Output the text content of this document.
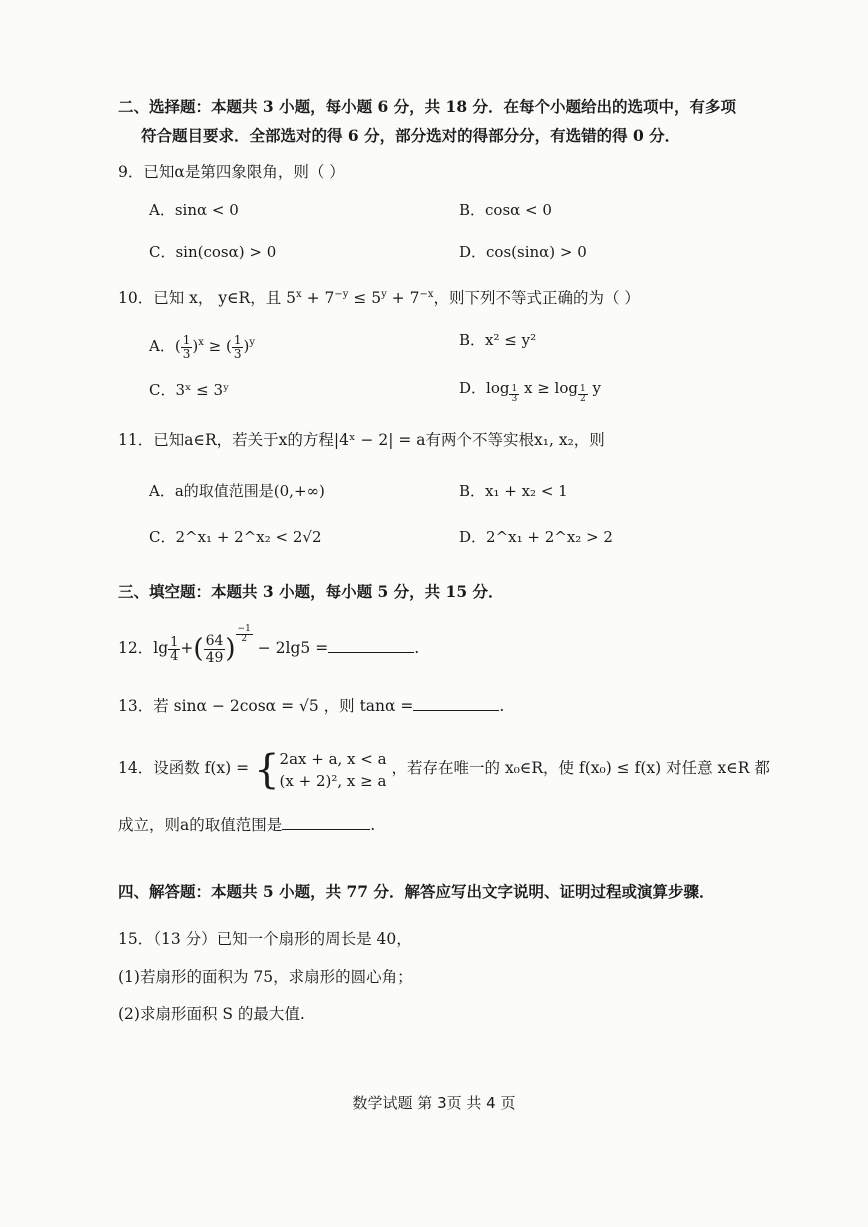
二、选择题：本题共 3 小题，每小题 6 分，共 18 分．在每个小题给出的选项中，有多项
符合题目要求．全部选对的得 6 分，部分选对的得部分分，有选错的得 0 分．
9．已知α是第四象限角，则（ ）
A．sinα < 0	B．cosα < 0
C．sin(cosα) > 0	D．cos(sinα) > 0
10．已知 x， y∈R，且 $5^x + 7^{-y} \le 5^y + 7^{-x}$，则下列不等式正确的为（ ）
A．( $\frac{1}{3} )^x$ ≥ ( $\frac{1}{3} )^y$	B．x² ≤ y²
C．3ˣ ≤ 3ʸ	D．log $_{\frac{1}{3}}$ x ≥ log $_{\frac{1}{2}}$ y
11．已知a∈R，若关于x的方程|4ˣ − 2| = a有两个不等实根x₁, x₂，则
A．a的取值范围是(0,+∞)	B．x₁ + x₂ < 1
C．2^x₁ + 2^x₂ < 2√2	D．2^x₁ + 2^x₂ > 2
三、填空题：本题共 3 小题，每小题 5 分，共 15 分．
12．$\lg \frac{1}{4}$ +( $\frac{64}{49}$ ) $^{\frac{-1}{2}}$
− 2lg5 =	.
13．若 sinα − 2cosα = √5 ，则 tanα =	.
14．设函数 f(x) = { 2ax + a, x < a
(x + 2)², x ≥ a
，若存在唯一的 x₀∈R，使 f(x₀) ≤ f(x) 对任意 x∈R 都
成立，则a的取值范围是	.
四、解答题：本题共 5 小题，共 77 分．解答应写出文字说明、证明过程或演算步骤．
15．（13 分）已知一个扇形的周长是 40，
(1)若扇形的面积为 75，求扇形的圆心角；
(2)求扇形面积 S 的最大值.
数学试题 第 3页 共 4 页
